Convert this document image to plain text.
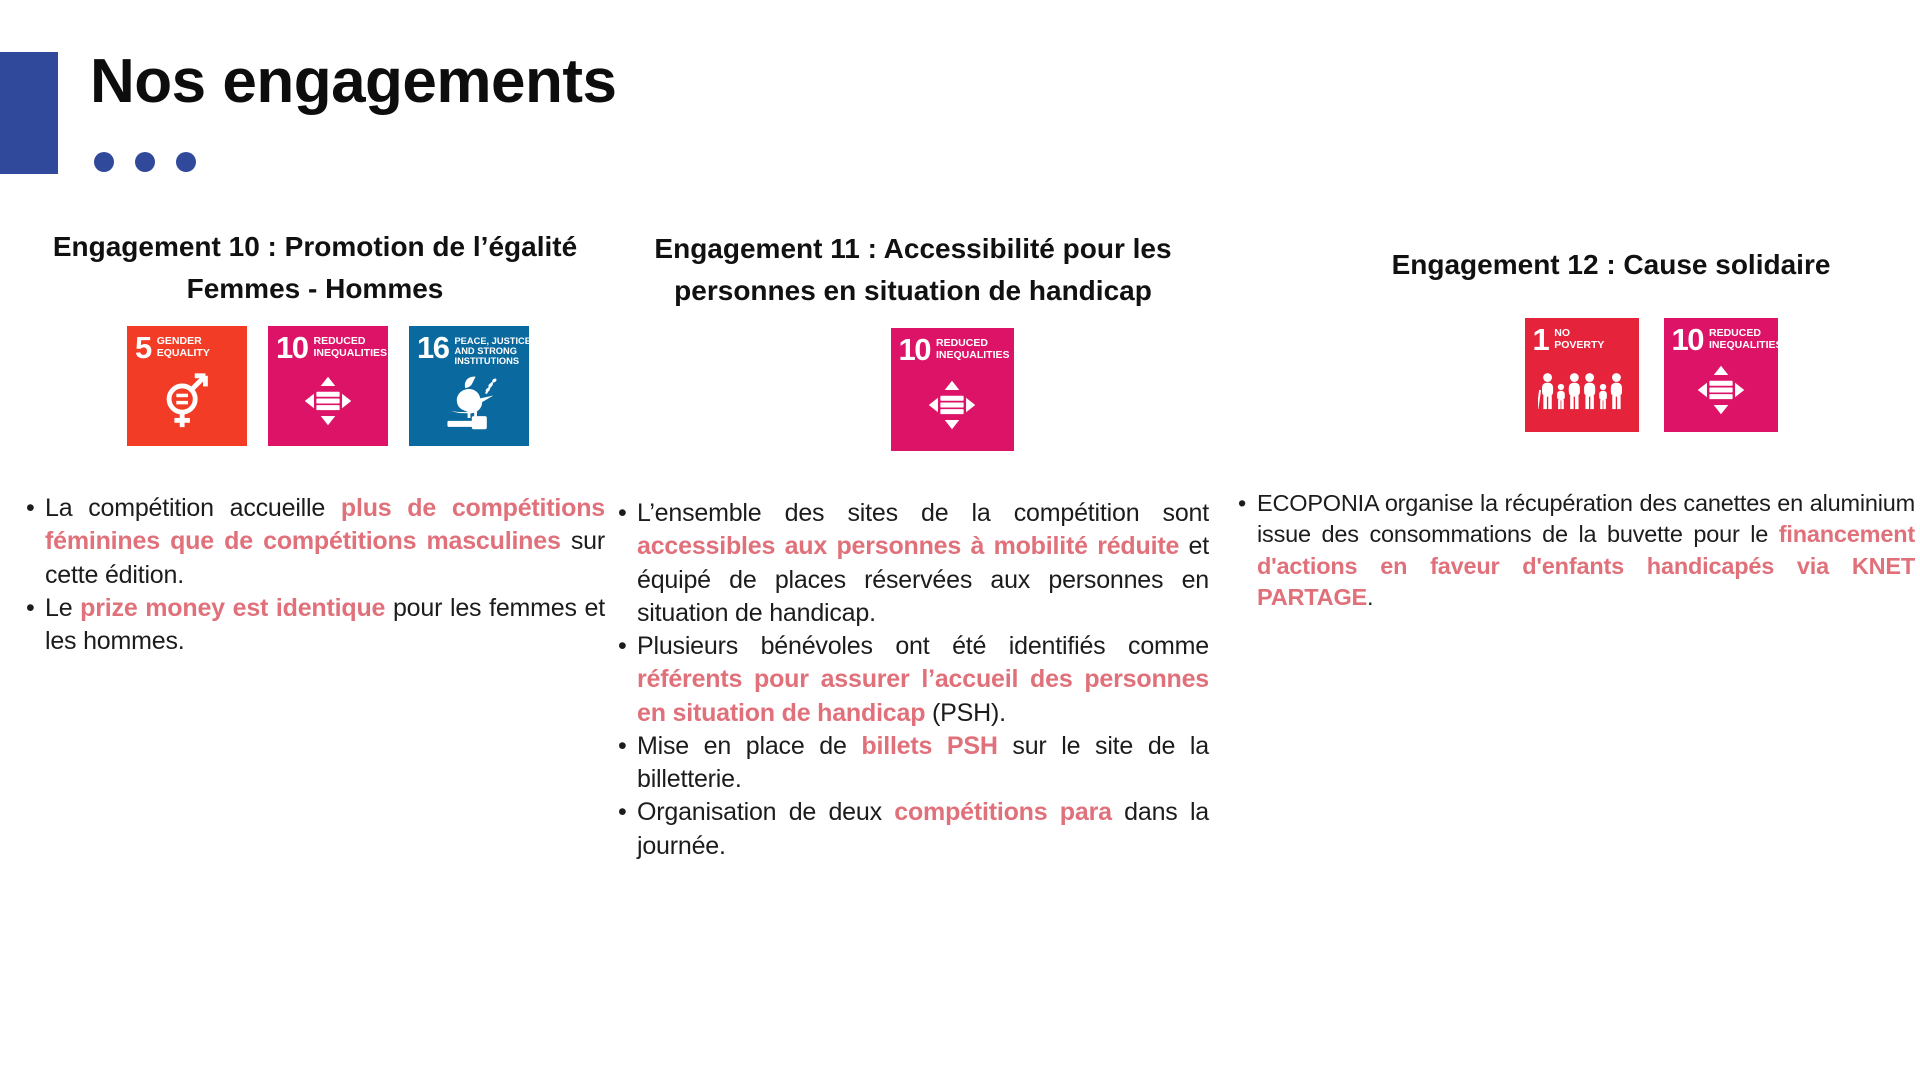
Nos engagements
Engagement 10 : Promotion de l’égalité
Femmes - Hommes
5 GENDER
EQUALITY 10 REDUCED
INEQUALITIES 16 PEACE, JUSTICE
AND STRONG
INSTITUTIONS
• La compétition accueille plus de compétitions féminines que de compétitions masculines sur cette édition.
• Le prize money est identique pour les femmes et les hommes.
Engagement 11 : Accessibilité pour les
personnes en situation de handicap
10 REDUCED
INEQUALITIES
• L’ensemble des sites de la compétition sont accessibles aux personnes à mobilité réduite et équipé de places réservées aux personnes en situation de handicap.
• Plusieurs bénévoles ont été identifiés comme référents pour assurer l’accueil des personnes en situation de handicap (PSH).
• Mise en place de billets PSH sur le site de la billetterie.
• Organisation de deux compétitions para dans la journée.
Engagement 12 : Cause solidaire
1 NO
POVERTY 10 REDUCED
INEQUALITIES
• ECOPONIA organise la récupération des canettes en aluminium issue des consommations de la buvette pour le financement d'actions en faveur d'enfants handicapés via KNET PARTAGE.
